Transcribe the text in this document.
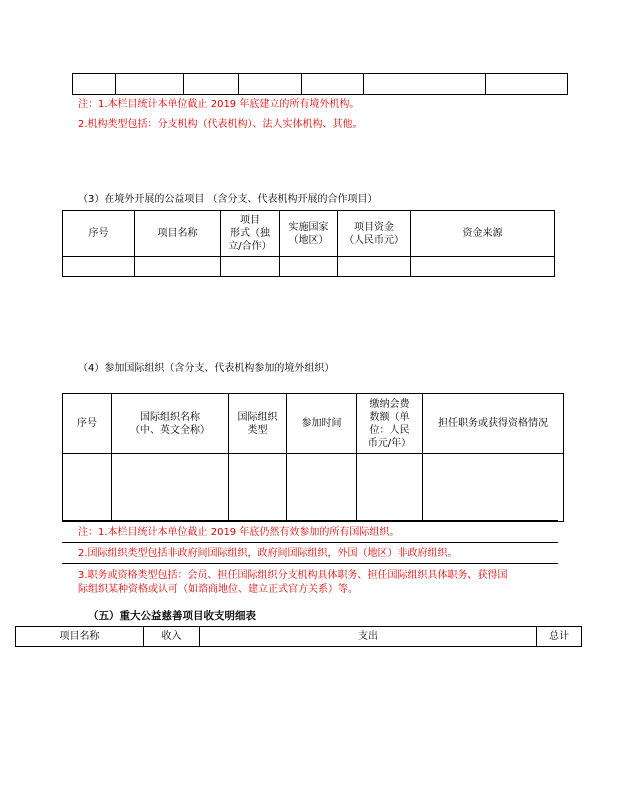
注：1.本栏目统计本单位截止 2019 年底建立的所有境外机构。
2.机构类型包括：分支机构（代表机构）、法人实体机构、其他。
（3）在境外开展的公益项目 （含分支、代表机构开展的合作项目）
序号	项目名称	项目
形式（独
立/合作）	实施国家
（地区）	项目资金
（人民币元）	资金来源

（4）参加国际组织（含分支、代表机构参加的境外组织）
序号	国际组织名称
（中、英文全称）	国际组织
类型	参加时间	缴纳会费
数额（单
位：人民
币元/年）	担任职务或获得资格情况

注：1.本栏目统计本单位截止 2019 年底仍然有效参加的所有国际组织。
2.国际组织类型包括非政府间国际组织，政府间国际组织，外国（地区）非政府组织。
3.职务或资格类型包括：会员、担任国际组织分支机构具体职务、担任国际组织具体职务、获得国
际组织某种资格或认可（如谘商地位、建立正式官方关系）等。
（五）重大公益慈善项目收支明细表
项目名称	收入	支出	总计
